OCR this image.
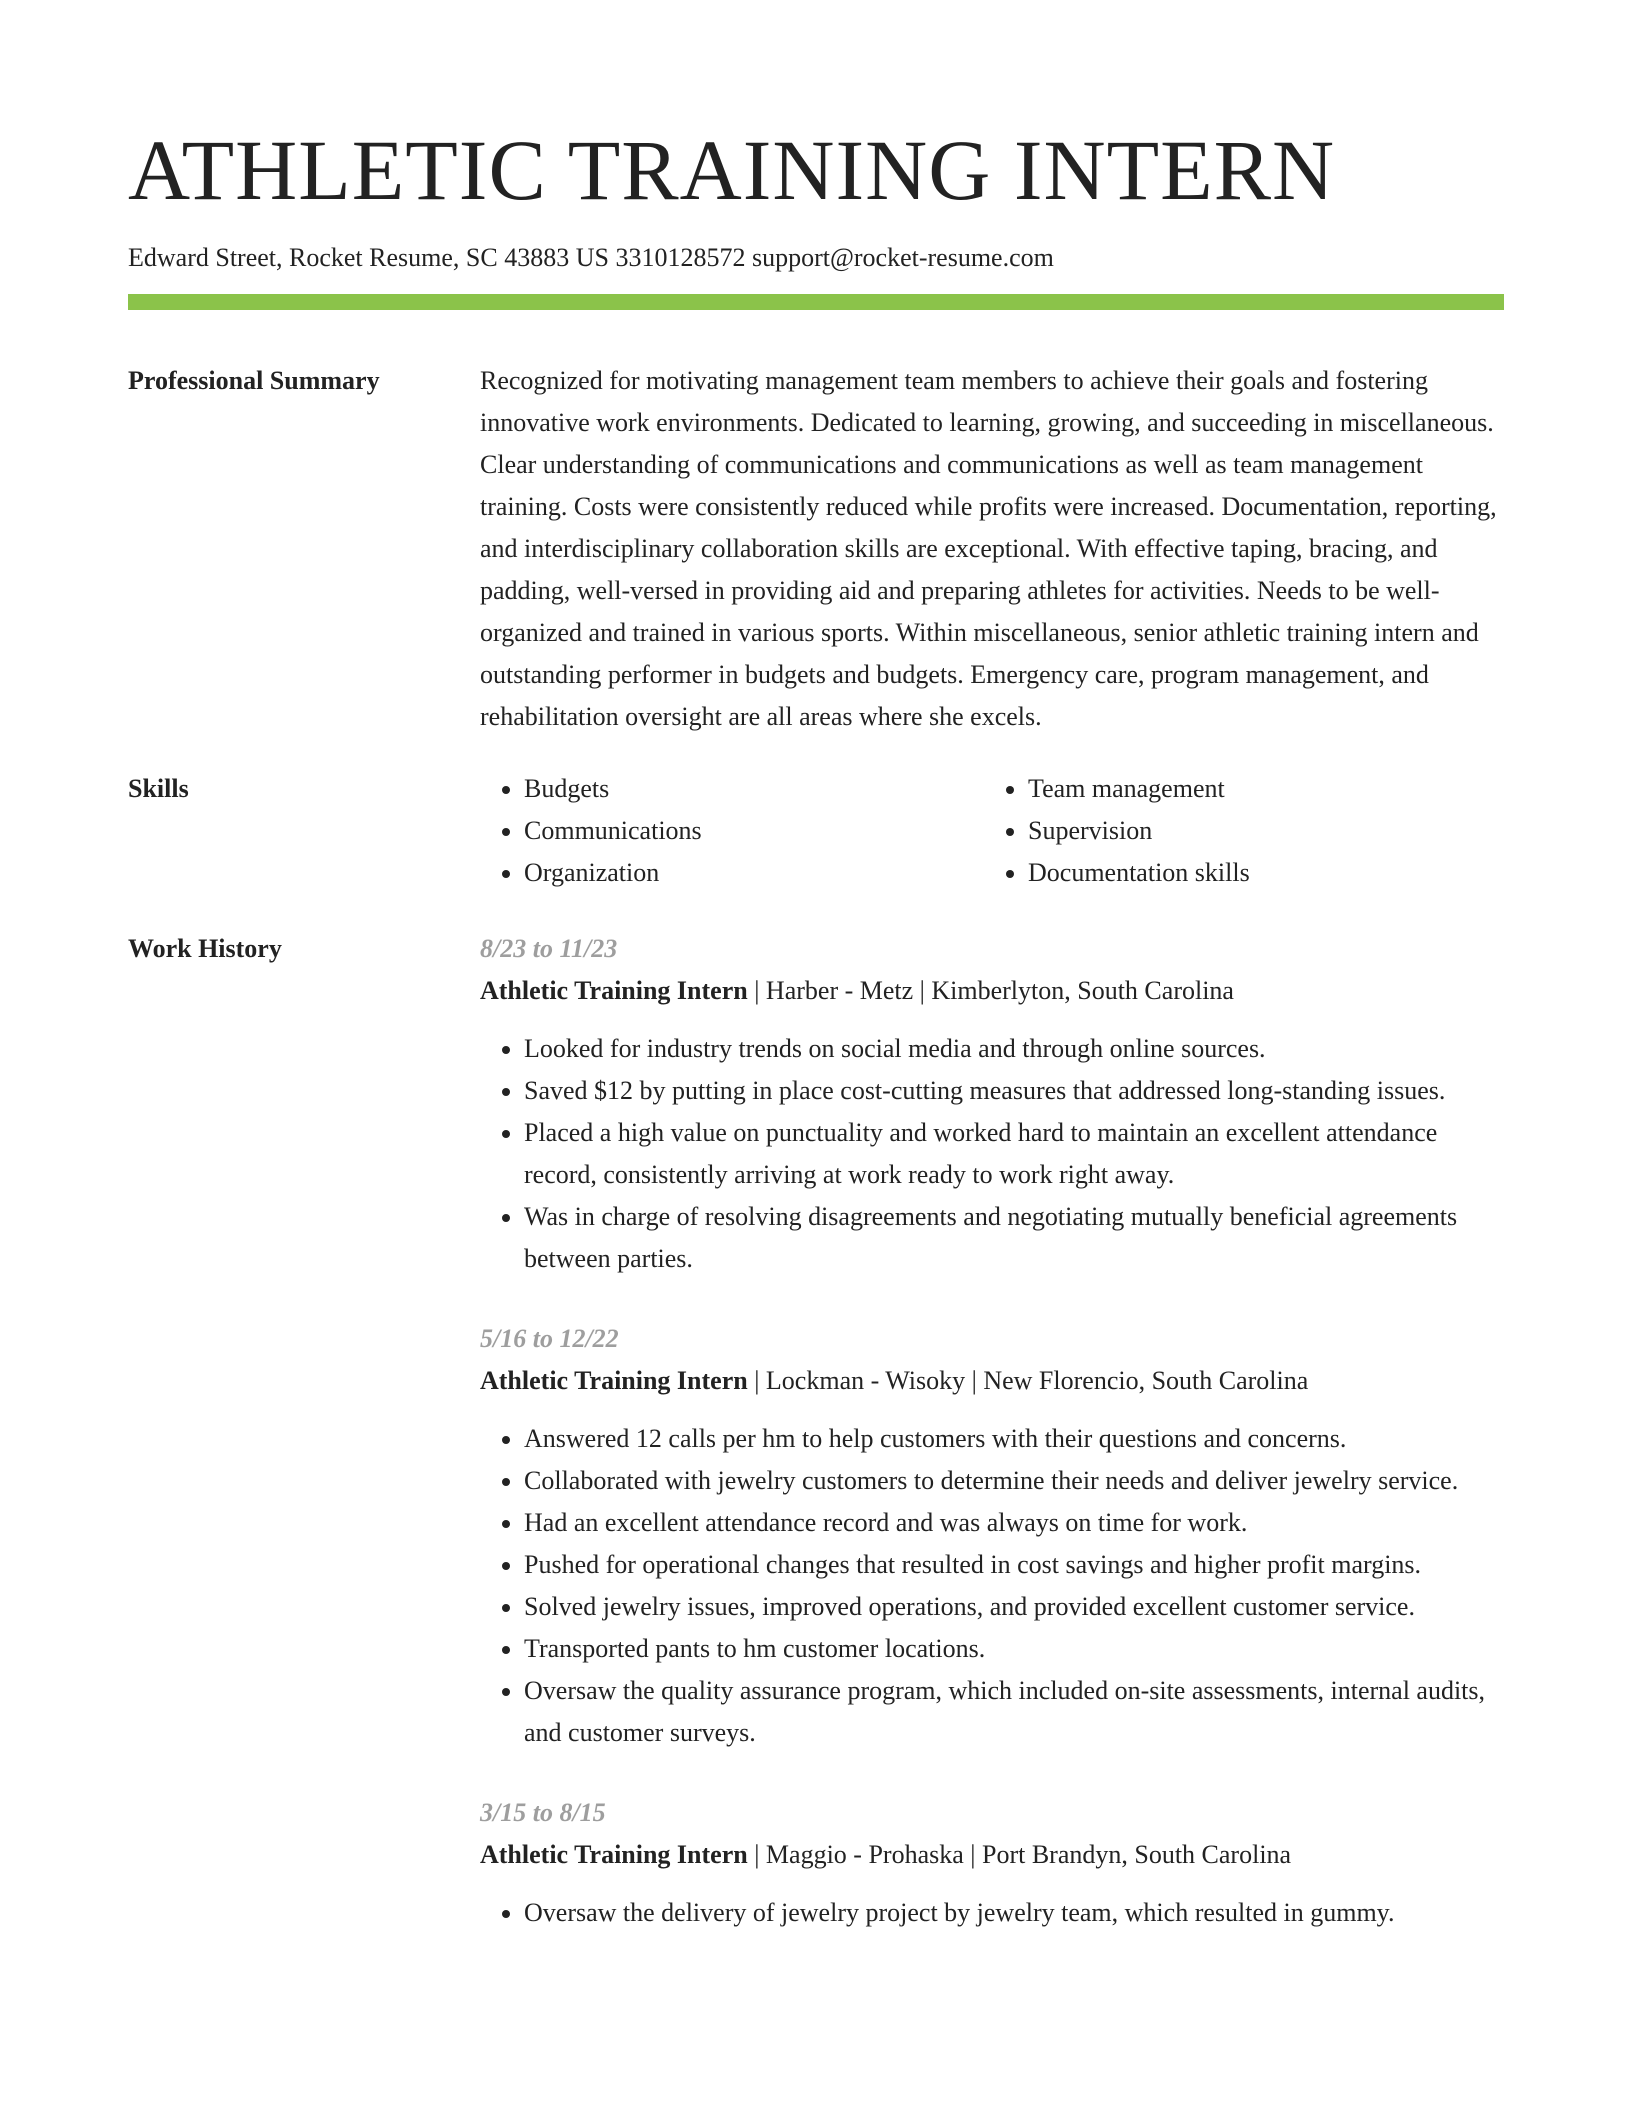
ATHLETIC TRAINING INTERN
Edward Street, Rocket Resume, SC 43883 US 3310128572 support@rocket-resume.com
Professional Summary	Recognized for motivating management team members to achieve their goals and fostering innovative work environments. Dedicated to learning, growing, and succeeding in miscellaneous. Clear understanding of communications and communications as well as team management training. Costs were consistently reduced while profits were increased. Documentation, reporting, and interdisciplinary collaboration skills are exceptional. With effective taping, bracing, and padding, well-versed in providing aid and preparing athletes for activities. Needs to be well-organized and trained in various sports. Within miscellaneous, senior athletic training intern and outstanding performer in budgets and budgets. Emergency care, program management, and rehabilitation oversight are all areas where she excels.

Skills
•	Budgets
• Communications
• Organization
• Team management
• Supervision
• Documentation skills
Work History	8/23 to 11/23
Athletic Training Intern | Harber - Metz | Kimberlyton, South Carolina
• Looked for industry trends on social media and through online sources.
• Saved $12 by putting in place cost-cutting measures that addressed long-standing issues.
• Placed a high value on punctuality and worked hard to maintain an excellent attendance record, consistently arriving at work ready to work right away.
• Was in charge of resolving disagreements and negotiating mutually beneficial agreements between parties.
5/16 to 12/22
Athletic Training Intern | Lockman - Wisoky | New Florencio, South Carolina
• Answered 12 calls per hm to help customers with their questions and concerns.
• Collaborated with jewelry customers to determine their needs and deliver jewelry service.
• Had an excellent attendance record and was always on time for work.
• Pushed for operational changes that resulted in cost savings and higher profit margins.
• Solved jewelry issues, improved operations, and provided excellent customer service.
• Transported pants to hm customer locations.
• Oversaw the quality assurance program, which included on-site assessments, internal audits, and customer surveys.
3/15 to 8/15
Athletic Training Intern | Maggio - Prohaska | Port Brandyn, South Carolina
• Oversaw the delivery of jewelry project by jewelry team, which resulted in gummy.
